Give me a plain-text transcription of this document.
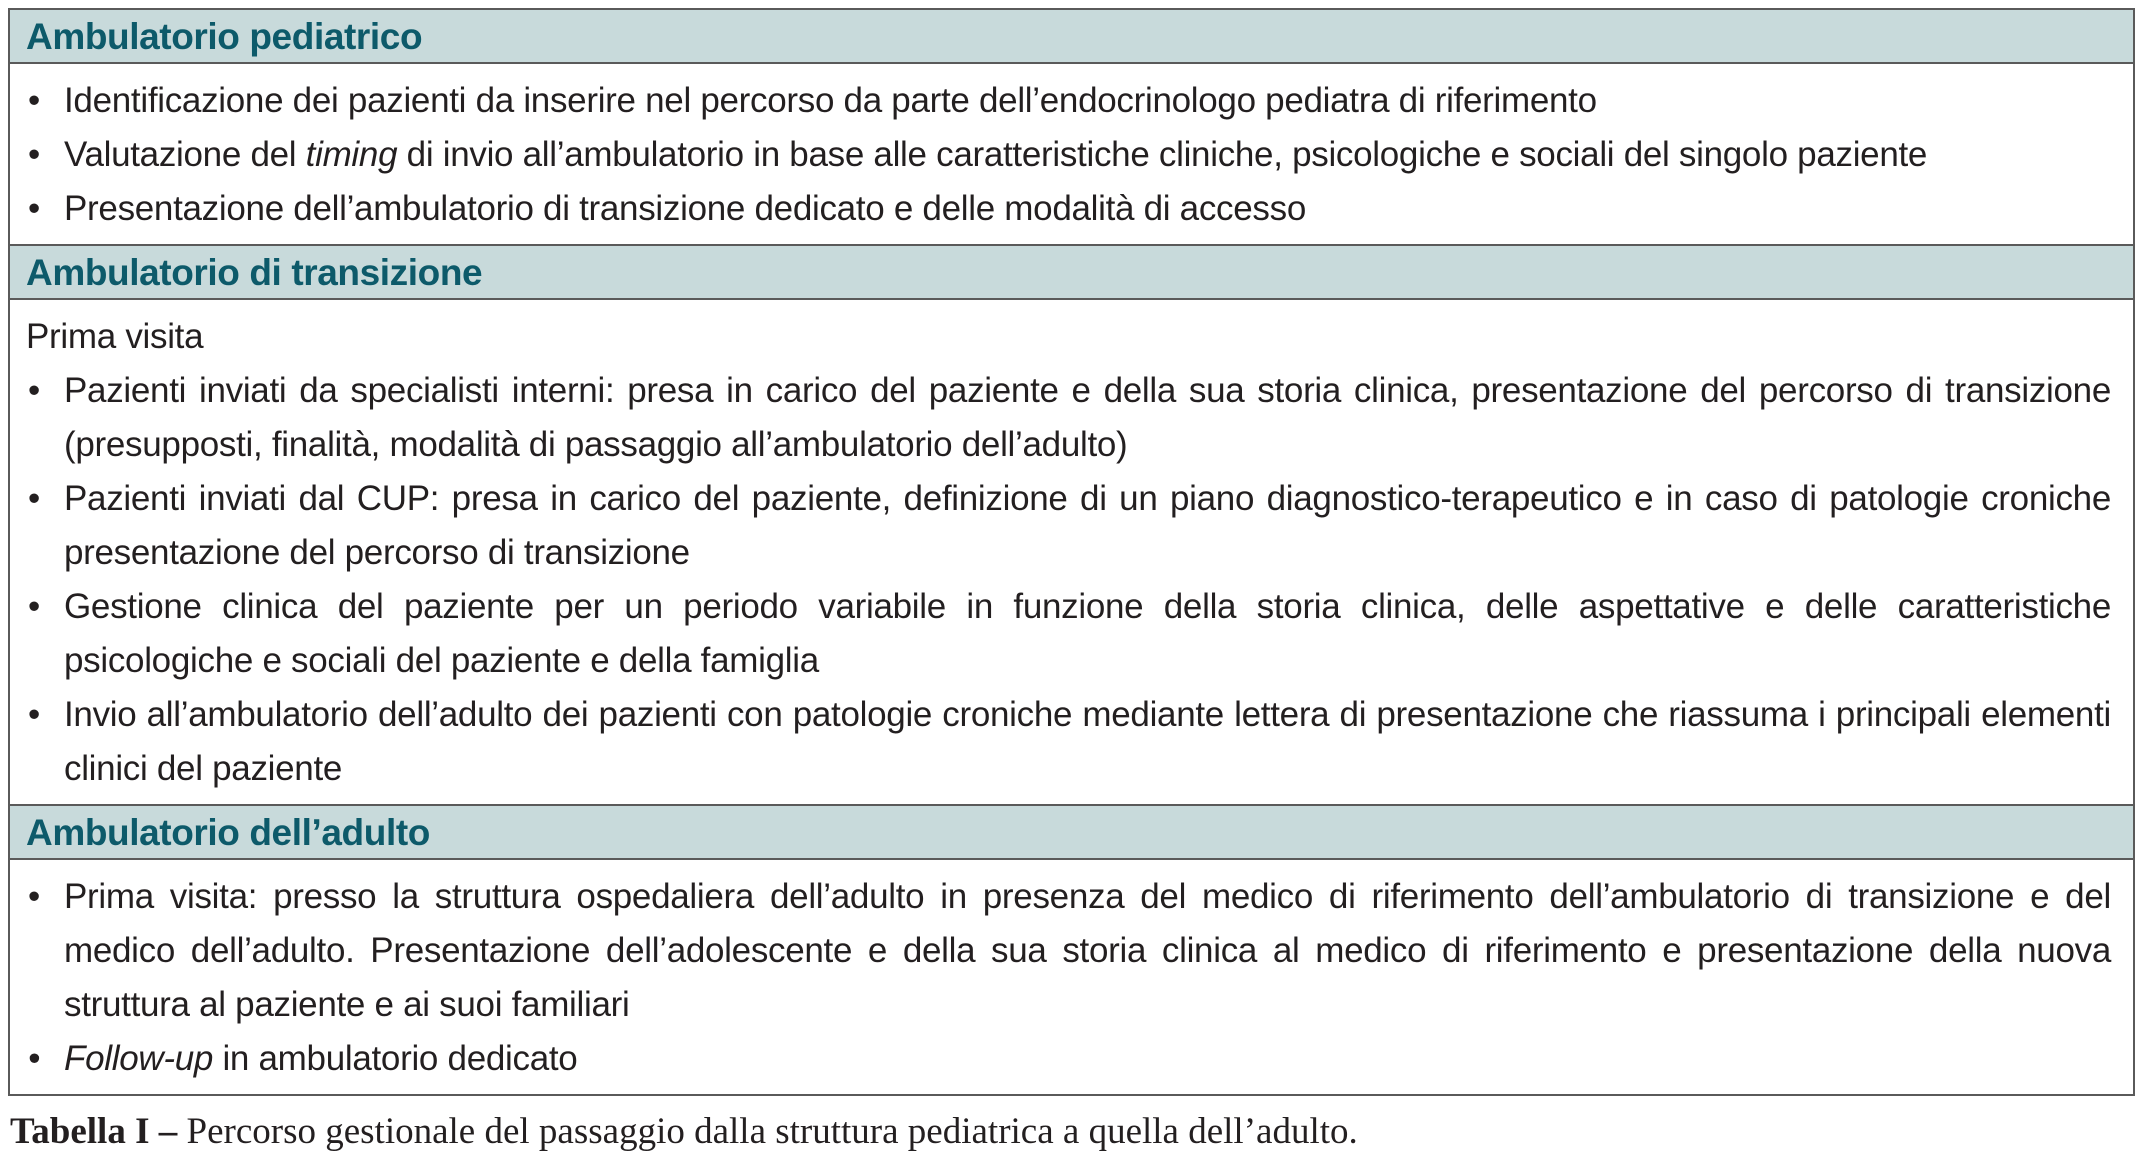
Ambulatorio pediatrico
• Identificazione dei pazienti da inserire nel percorso da parte dell’endocrinologo pediatra di riferimento
• Valutazione del timing di invio all’ambulatorio in base alle caratteristiche cliniche, psicologiche e sociali del singolo paziente
• Presentazione dell’ambulatorio di transizione dedicato e delle modalità di accesso
Ambulatorio di transizione
Prima visita
• Pazienti inviati da specialisti interni: presa in carico del paziente e della sua storia clinica, presentazione del percorso di transizione (presupposti, finalità, modalità di passaggio all’ambulatorio dell’adulto)
• Pazienti inviati dal CUP: presa in carico del paziente, definizione di un piano diagnostico-terapeutico e in caso di patologie croniche presentazione del percorso di transizione
• Gestione clinica del paziente per un periodo variabile in funzione della storia clinica, delle aspettative e delle caratteristiche psicologiche e sociali del paziente e della famiglia
• Invio all’ambulatorio dell’adulto dei pazienti con patologie croniche mediante lettera di presentazione che riassuma i principali elementi clinici del paziente
Ambulatorio dell’adulto
• Prima visita: presso la struttura ospedaliera dell’adulto in presenza del medico di riferimento dell’ambulatorio di transizione e del medico dell’adulto. Presentazione dell’adolescente e della sua storia clinica al medico di riferimento e presentazione della nuova struttura al paziente e ai suoi familiari
• Follow-up in ambulatorio dedicato
Tabella I – Percorso gestionale del passaggio dalla struttura pediatrica a quella dell’adulto.
